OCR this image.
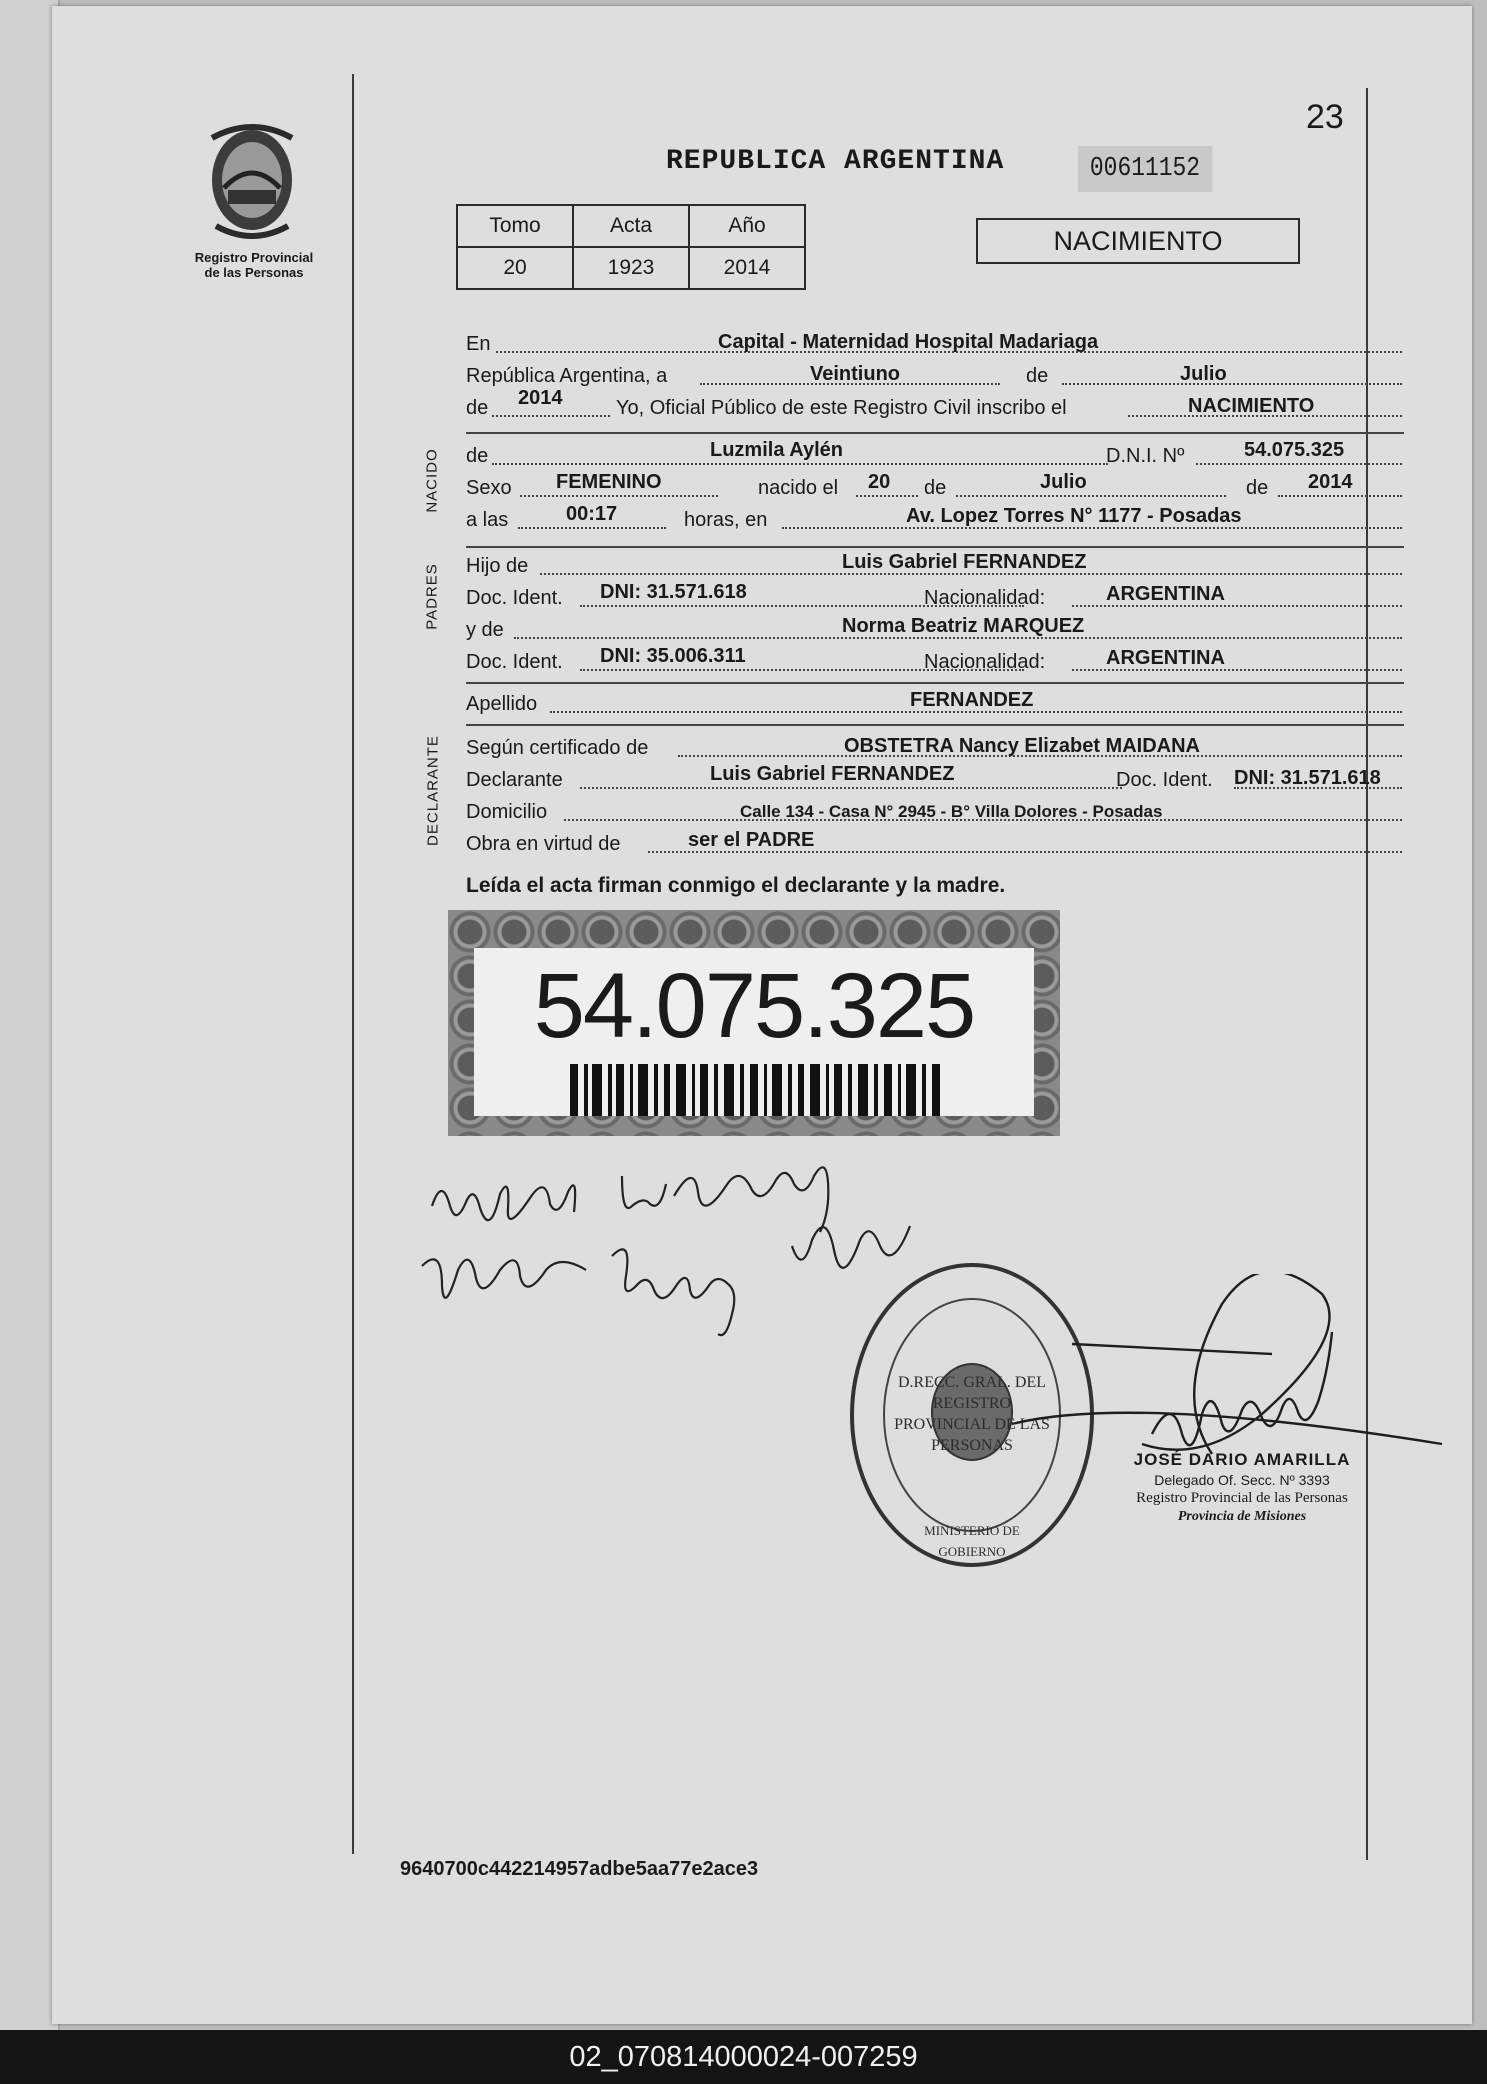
Registro Provincial
de las Personas
23
REPUBLICA ARGENTINA	00611152
Tomo	Acta	Año
20	1923	2014
NACIMIENTO
En	Capital - Maternidad Hospital Madariaga
República Argentina, a	Veintiuno	de	Julio
de 2014	Yo, Oficial Público de este Registro Civil inscribo el	NACIMIENTO
NACIDO de	Luzmila Aylén	D.N.I. Nº	54.075.325
Sexo FEMENINO	nacido el 20 de	Julio	de 2014
a las	00:17	horas, en	Av. Lopez Torres N° 1177 - Posadas
PADRES Hijo de	Luis Gabriel FERNANDEZ
Doc. Ident. DNI: 31.571.618	Nacionalidad:	ARGENTINA
y de	Norma Beatriz MARQUEZ
Doc. Ident. DNI: 35.006.311	Nacionalidad:	ARGENTINA
Apellido	FERNANDEZ
DECLARANTE Según certificado de	OBSTETRA Nancy Elizabet MAIDANA
Declarante	Luis Gabriel FERNANDEZ	Doc. Ident. DNI: 31.571.618
Domicilio	Calle 134 - Casa N° 2945 - B° Villa Dolores - Posadas
Obra en virtud de	ser el PADRE
Leída el acta firman conmigo el declarante y la madre.
54.075.325
D.RECC. GRAL. DEL REGISTRO PROVINCIAL DE LAS PERSONAS
MINISTERIO DE GOBIERNO
JOSÉ DARIO AMARILLA
Delegado Of. Secc. Nº 3393
Registro Provincial de las Personas
Provincia de Misiones
9640700c442214957adbe5aa77e2ace3
02_070814000024-007259
